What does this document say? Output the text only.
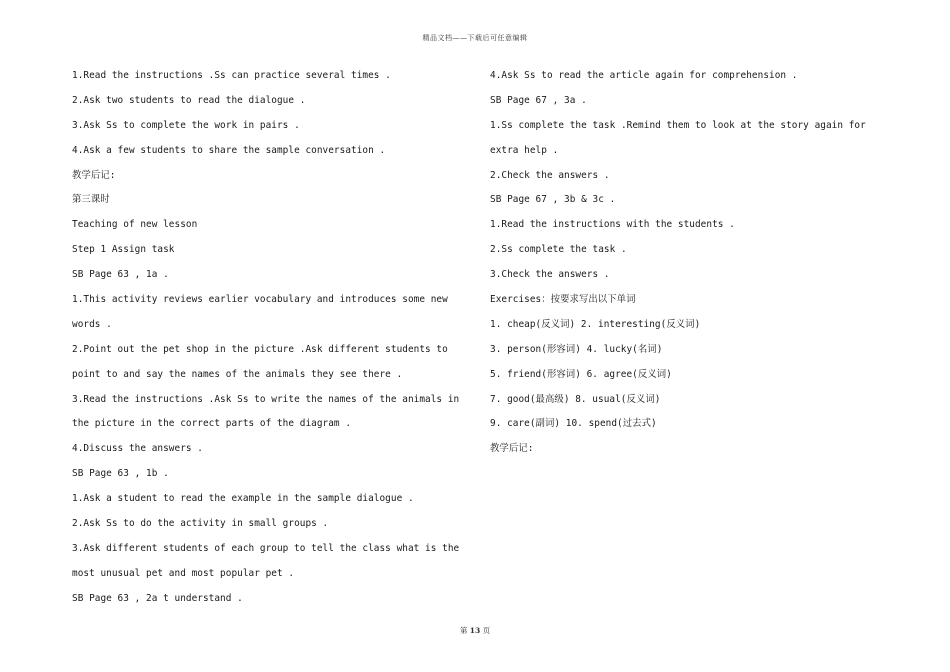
精品文档——下载后可任意编辑
1.Read the instructions .Ss can practice several times .
2.Ask two students to read the dialogue .
3.Ask Ss to complete the work in pairs .
4.Ask a few students to share the sample conversation .
教学后记:
第三课时
Teaching of new lesson
Step 1 Assign task
SB Page 63 , 1a .
1.This activity reviews earlier vocabulary and introduces some new
words .
2.Point out the pet shop in the picture .Ask different students to
point to and say the names of the animals they see there .
3.Read the instructions .Ask Ss to write the names of the animals in
the picture in the correct parts of the diagram .
4.Discuss the answers .
SB Page 63 , 1b .
1.Ask a student to read the example in the sample dialogue .
2.Ask Ss to do the activity in small groups .
3.Ask different students of each group to tell the class what is the
most unusual pet and most popular pet .
SB Page 63 , 2a t understand .
4.Ask Ss to read the article again for comprehension .
SB Page 67 , 3a .
1.Ss complete the task .Remind them to look at the story again for
extra help .
2.Check the answers .
SB Page 67 , 3b & 3c .
1.Read the instructions with the students .
2.Ss complete the task .
3.Check the answers .
Exercises：按要求写出以下单词
1. cheap(反义词) 2. interesting(反义词)
3. person(形容词) 4. lucky(名词)
5. friend(形容词) 6. agree(反义词)
7. good(最高级) 8. usual(反义词)
9. care(副词) 10. spend(过去式)
教学后记:
第 13 页
